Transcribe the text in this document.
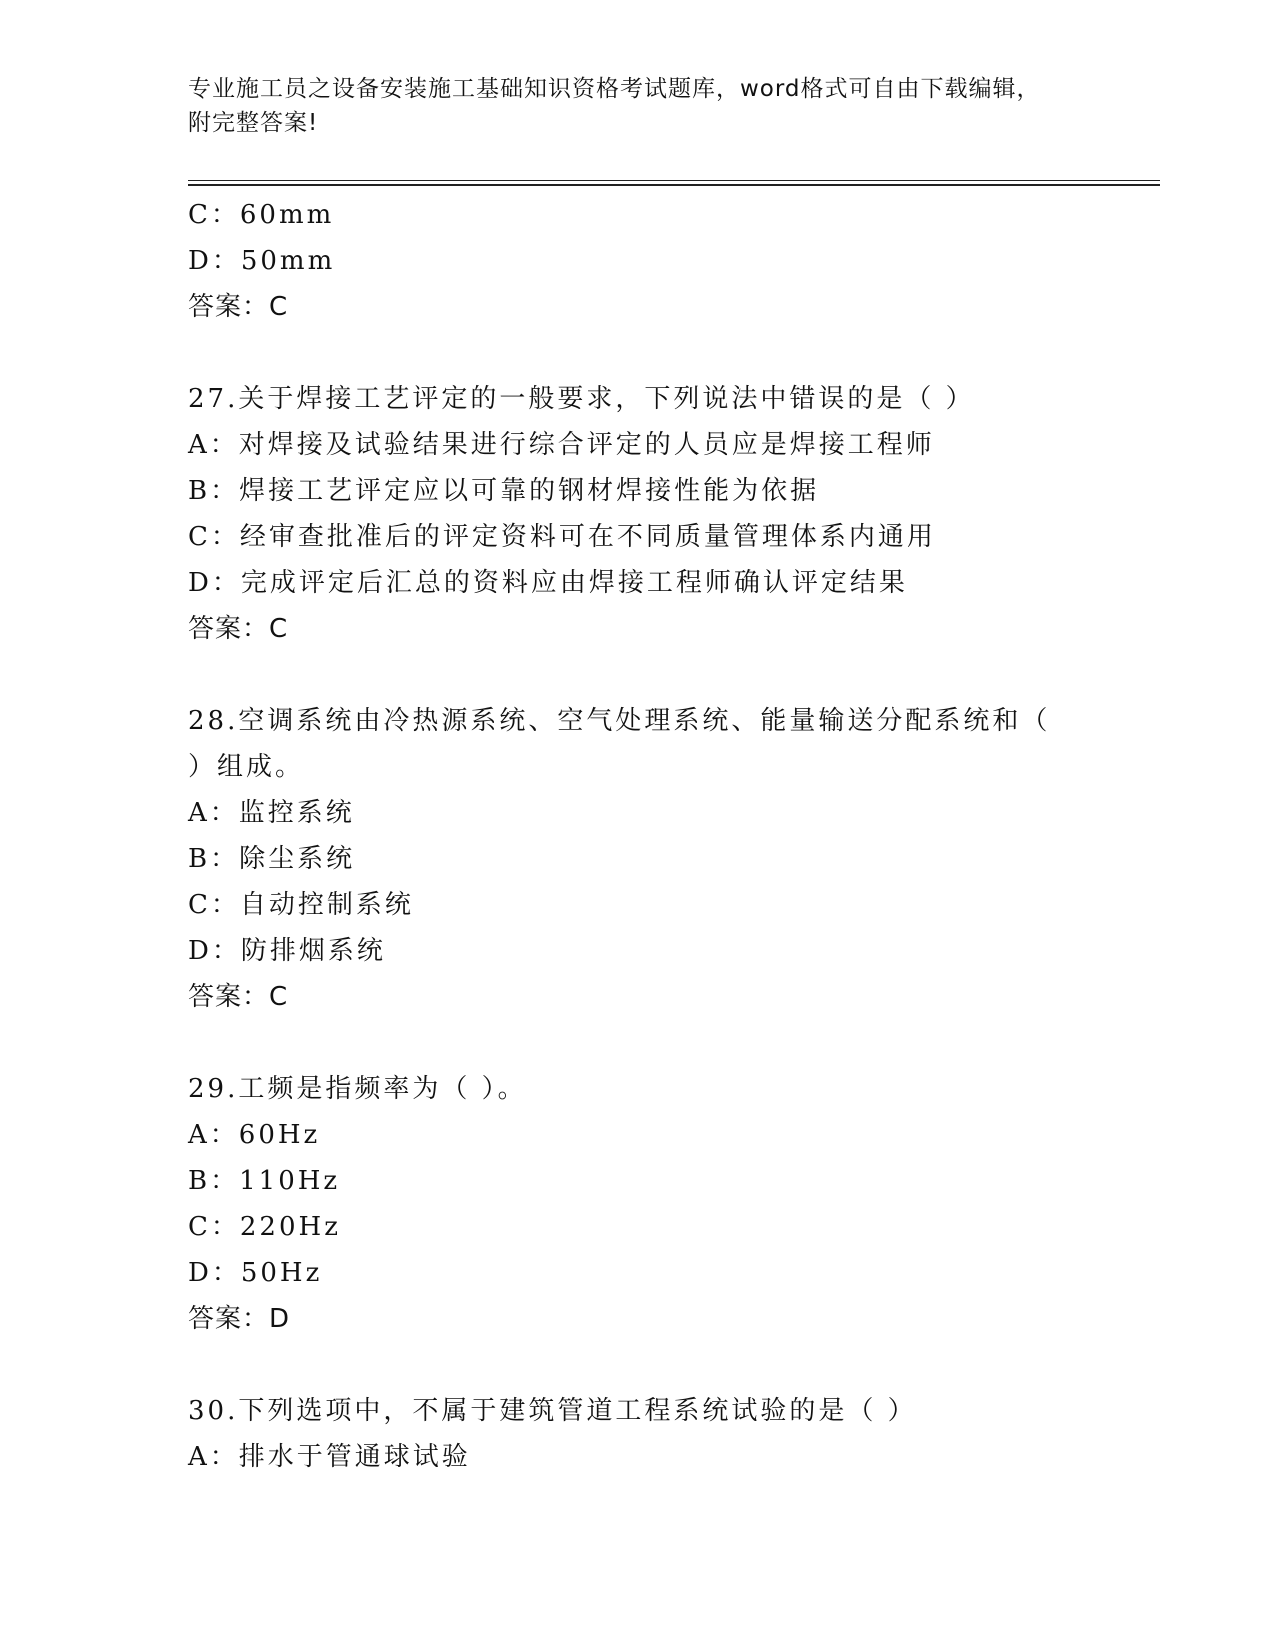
专业施工员之设备安装施工基础知识资格考试题库，word格式可自由下载编辑，
附完整答案!
C：60mm
D：50mm
答案：C
27.关于焊接工艺评定的一般要求，下列说法中错误的是（ ）
A：对焊接及试验结果进行综合评定的人员应是焊接工程师
B：焊接工艺评定应以可靠的钢材焊接性能为依据
C：经审查批准后的评定资料可在不同质量管理体系内通用
D：完成评定后汇总的资料应由焊接工程师确认评定结果
答案：C
28.空调系统由冷热源系统、空气处理系统、能量输送分配系统和（
）组成。
A：监控系统
B：除尘系统
C：自动控制系统
D：防排烟系统
答案：C
29.工频是指频率为（ ）。
A：60Hz
B：110Hz
C：220Hz
D：50Hz
答案：D
30.下列选项中，不属于建筑管道工程系统试验的是（ ）
A：排水于管通球试验
